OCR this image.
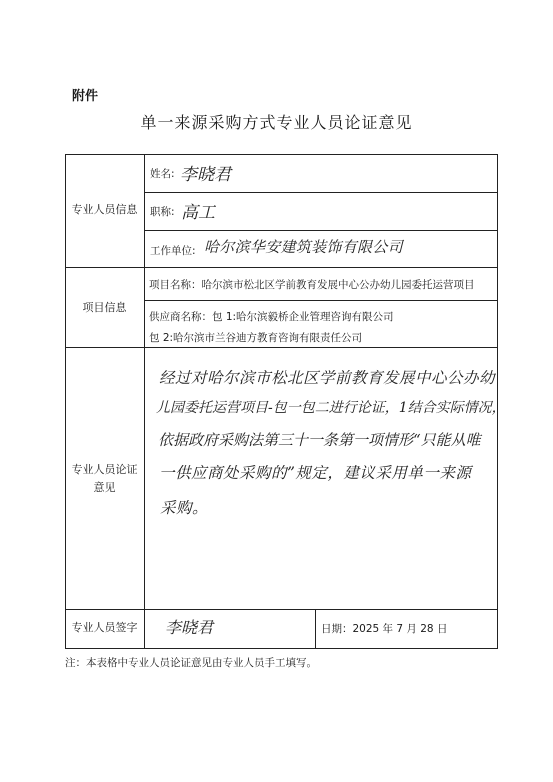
附件
单一来源采购方式专业人员论证意见
专业人员信息
姓名: 李晓君
职称: 高工
工作单位: 哈尔滨华安建筑装饰有限公司
项目信息
项目名称：哈尔滨市松北区学前教育发展中心公办幼儿园委托运营项目
供应商名称：包 1:哈尔滨毅桥企业管理咨询有限公司
包 2:哈尔滨市兰谷迪方教育咨询有限责任公司
专业人员论证
意见
经过对哈尔滨市松北区学前教育发展中心公办幼
儿园委托运营项目-包一包二进行论证，1结合实际情况，
依据政府采购法第三十一条第一项情形“只能从唯
一供应商处采购的”规定，建议采用单一来源
采购。
专业人员签字	李晓君	日期：2025 年 7 月 28 日
注：本表格中专业人员论证意见由专业人员手工填写。
